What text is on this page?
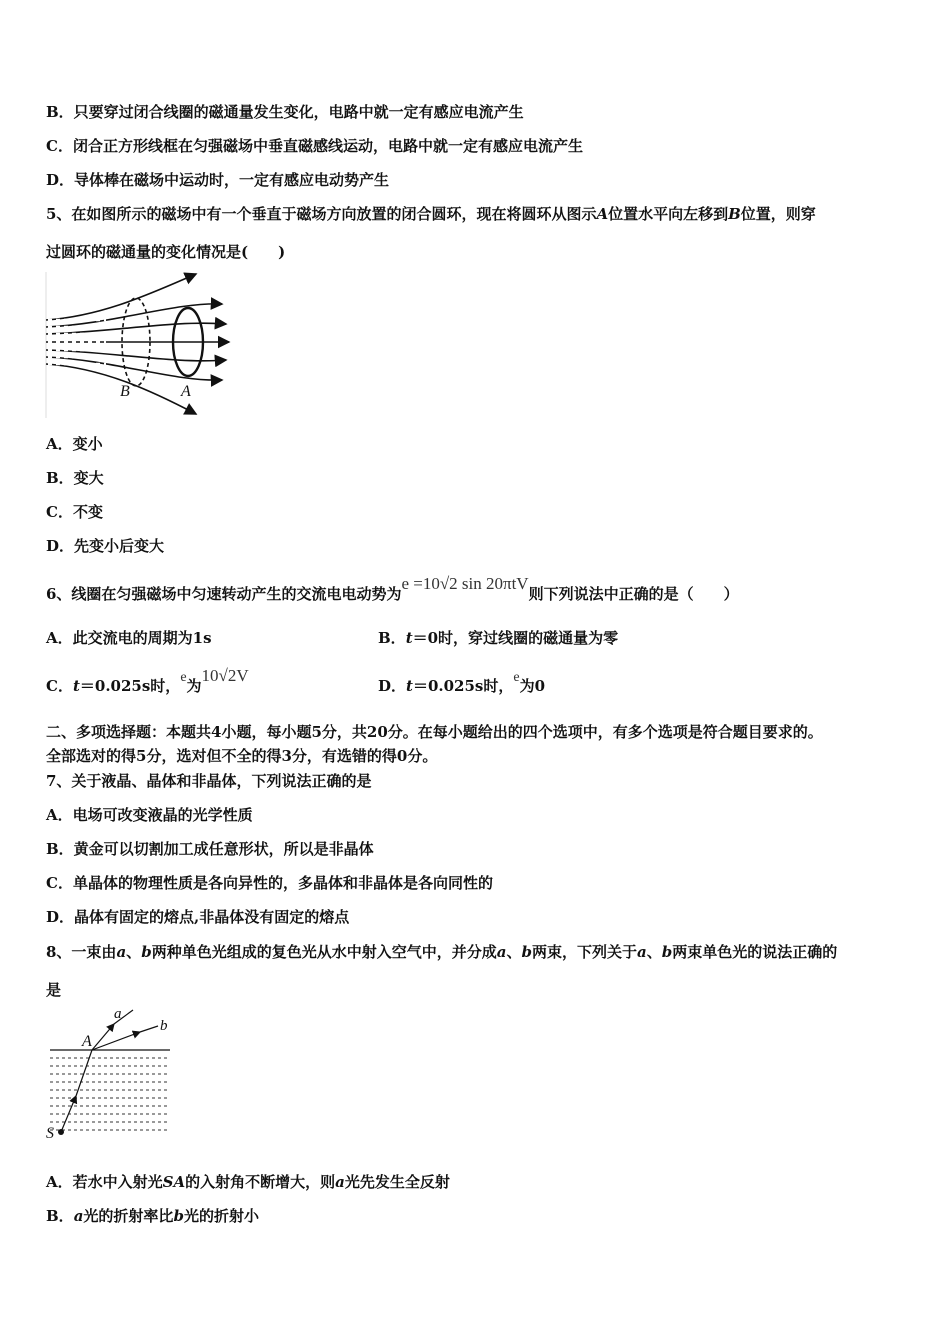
B．只要穿过闭合线圈的磁通量发生变化，电路中就一定有感应电流产生
C．闭合正方形线框在匀强磁场中垂直磁感线运动，电路中就一定有感应电流产生
D．导体棒在磁场中运动时，一定有感应电动势产生
5、在如图所示的磁场中有一个垂直于磁场方向放置的闭合圆环，现在将圆环从图示A位置水平向左移到B位置，则穿
过圆环的磁通量的变化情况是(　　)
B	A
A．变小
B．变大
C．不变
D．先变小后变大
6、线圈在匀强磁场中匀速转动产生的交流电电动势为e =10√2 sin 20πtV则下列说法中正确的是（　　）
A．此交流电的周期为1s	B．t＝0时，穿过线圈的磁通量为零
C．t＝0.025s时，e为10√2V
D．t＝0.025s时，e为0
二、多项选择题：本题共4小题，每小题5分，共20分。在每小题给出的四个选项中，有多个选项是符合题目要求的。
全部选对的得5分，选对但不全的得3分，有选错的得0分。
7、关于液晶、晶体和非晶体，下列说法正确的是
A．电场可改变液晶的光学性质
B．黄金可以切割加工成任意形状，所以是非晶体
C．单晶体的物理性质是各向异性的，多晶体和非晶体是各向同性的
D．晶体有固定的熔点,非晶体没有固定的熔点
8、一束由a、b两种单色光组成的复色光从水中射入空气中，并分成a、b两束，下列关于a、b两束单色光的说法正确的
是
a
b
A
S
A．若水中入射光SA的入射角不断增大，则a光先发生全反射
B．a光的折射率比b光的折射小
